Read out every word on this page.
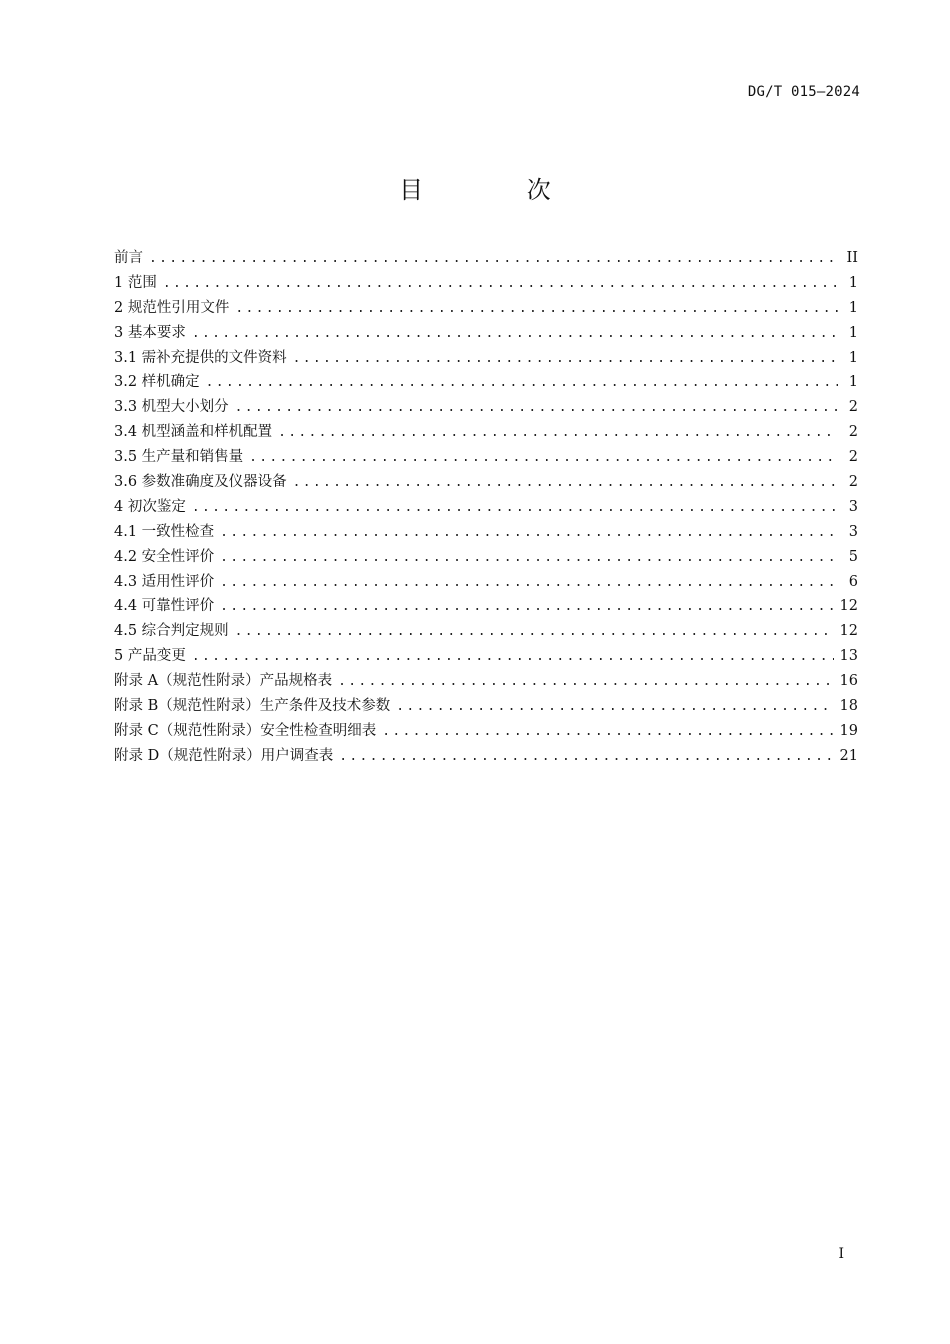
DG/T 015—2024
目 次
前言 .....	II
1 范围 .....	1
2 规范性引用文件 .....	1
3 基本要求 .....	1
3.1 需补充提供的文件资料 .....	1
3.2 样机确定 .....	1
3.3 机型大小划分 .....	2
3.4 机型涵盖和样机配置 .....	2
3.5 生产量和销售量 .....	2
3.6 参数准确度及仪器设备 .....	2
4 初次鉴定 .....	3
4.1 一致性检查 .....	3
4.2 安全性评价 .....	5
4.3 适用性评价 .....	6
4.4 可靠性评价 .....	12
4.5 综合判定规则 .....	12
5 产品变更 .....	13
附录 A（规范性附录）产品规格表 .....	16
附录 B（规范性附录）生产条件及技术参数 .....	18
附录 C（规范性附录）安全性检查明细表 .....	19
附录 D（规范性附录）用户调查表 .....	21
I
